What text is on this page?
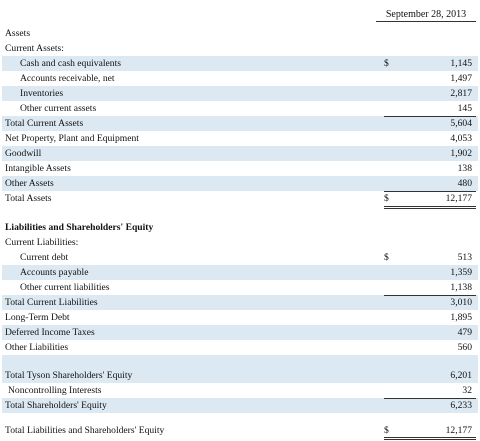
September 28, 2013
Assets
Current Assets:
Cash and cash equivalents	$	1,145
Accounts receivable, net	1,497
Inventories	2,817
Other current assets	145
Total Current Assets	5,604
Net Property, Plant and Equipment	4,053
Goodwill	1,902
Intangible Assets	138
Other Assets	480
Total Assets	$	12,177
Liabilities and Shareholders' Equity
Current Liabilities:
Current debt	$	513
Accounts payable	1,359
Other current liabilities	1,138
Total Current Liabilities	3,010
Long-Term Debt	1,895
Deferred Income Taxes	479
Other Liabilities	560
Total Tyson Shareholders' Equity	6,201
Noncontrolling Interests	32
Total Shareholders' Equity	6,233
Total Liabilities and Shareholders' Equity	$	12,177
